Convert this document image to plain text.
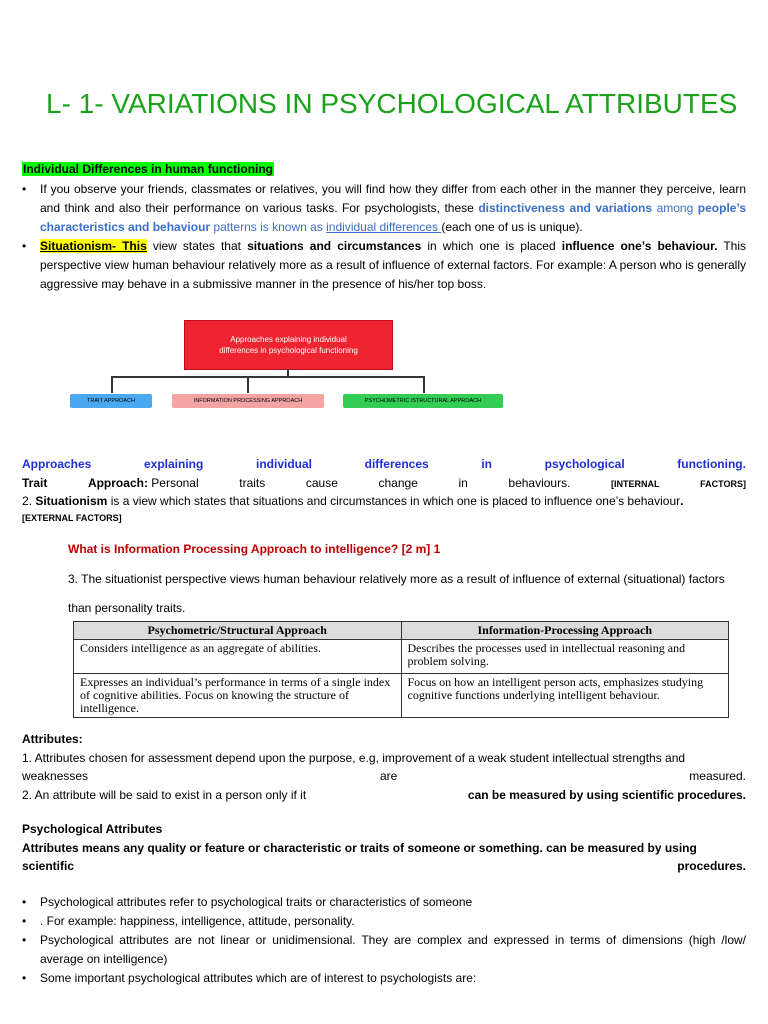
L- 1- VARIATIONS IN PSYCHOLOGICAL ATTRIBUTES
Individual Differences in human functioning
• If you observe your friends, classmates or relatives, you will find how they differ from each other in the manner they perceive, learn and think and also their performance on various tasks. For psychologists, these distinctiveness and variations among people’s characteristics and behaviour patterns is known as individual differences (each one of us is unique).
• Situationism- This view states that situations and circumstances in which one is placed influence one’s behaviour. This perspective view human behaviour relatively more as a result of influence of external factors. For example: A person who is generally aggressive may behave in a submissive manner in the presence of his/her top boss.
Approaches explaining individual differences in psychological functioning
TRAIT APPROACH	INFORMATION PROCESSING APPROACH	PSYCHOMETRIC /STRUCTURAL APPROACH
Approaches	explaining	individual	differences	in	psychological	functioning.
Trait	Approach: Personal	traits	cause	change	in	behaviours.	[INTERNAL	FACTORS]
2. Situationism is a view which states that situations and circumstances in which one is placed to influence one’s behaviour.
[EXTERNAL FACTORS]
What is Information Processing Approach to intelligence? [2 m] 1
3. The situationist perspective views human behaviour relatively more as a result of influence of external (situational) factors
than personality traits.
Psychometric/Structural Approach	Information-Processing Approach
Considers intelligence as an aggregate of abilities.	Describes the processes used in intellectual reasoning and problem solving.
Expresses an individual’s performance in terms of a single index of cognitive abilities. Focus on knowing the structure of intelligence.	Focus on how an intelligent person acts, emphasizes studying cognitive functions underlying intelligent behaviour.
Attributes:
1. Attributes chosen for assessment depend upon the purpose, e.g, improvement of a weak student intellectual strengths and
weaknesses	are	measured.
2. An attribute will be said to exist in a person only if it	can be measured by using scientific procedures.
Psychological Attributes
Attributes means any quality or feature or characteristic or traits of someone or something. can be measured by using
scientific	procedures.
• Psychological attributes refer to psychological traits or characteristics of someone
• . For example: happiness, intelligence, attitude, personality.
• Psychological attributes are not linear or unidimensional. They are complex and expressed in terms of dimensions (high /low/ average on intelligence)
• Some important psychological attributes which are of interest to psychologists are:
